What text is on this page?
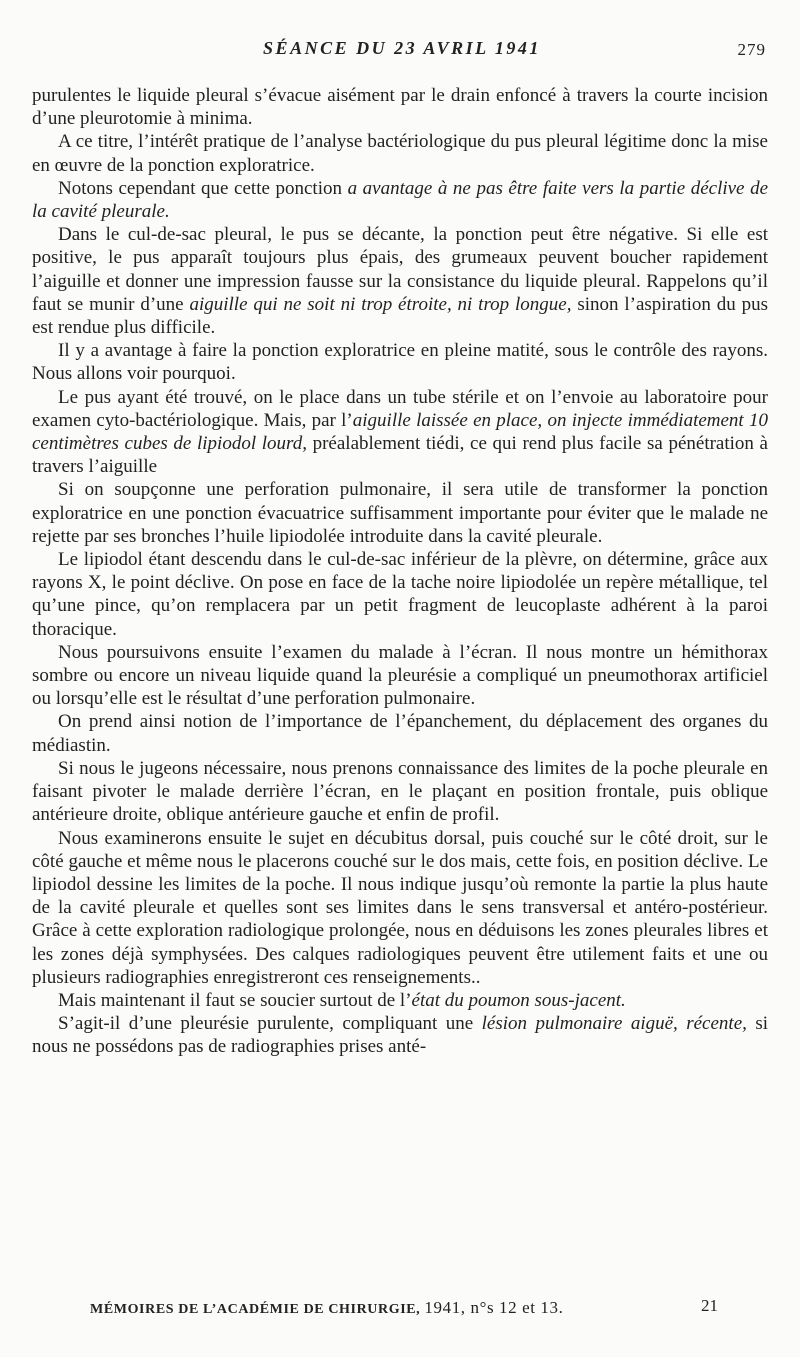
SÉANCE DU 23 AVRIL 1941	279

purulentes le liquide pleural s’évacue aisément par le drain enfoncé à travers la courte incision d’une pleurotomie à minima.

A ce titre, l’intérêt pratique de l’analyse bactériologique du pus pleural légitime donc la mise en œuvre de la ponction exploratrice.

Notons cependant que cette ponction a avantage à ne pas être faite vers la partie déclive de la cavité pleurale.

Dans le cul-de-sac pleural, le pus se décante, la ponction peut être négative. Si elle est positive, le pus apparaît toujours plus épais, des grumeaux peuvent boucher rapidement l’aiguille et donner une impression fausse sur la consistance du liquide pleural. Rappelons qu’il faut se munir d’une aiguille qui ne soit ni trop étroite, ni trop longue, sinon l’aspiration du pus est rendue plus difficile.

Il y a avantage à faire la ponction exploratrice en pleine matité, sous le contrôle des rayons. Nous allons voir pourquoi.

Le pus ayant été trouvé, on le place dans un tube stérile et on l’envoie au laboratoire pour examen cyto-bactériologique. Mais, par l’aiguille laissée en place, on injecte immédiatement 10 centimètres cubes de lipiodol lourd, préalablement tiédi, ce qui rend plus facile sa pénétration à travers l’aiguille

Si on soupçonne une perforation pulmonaire, il sera utile de transformer la ponction exploratrice en une ponction évacuatrice suffisamment importante pour éviter que le malade ne rejette par ses bronches l’huile lipiodolée introduite dans la cavité pleurale.

Le lipiodol étant descendu dans le cul-de-sac inférieur de la plèvre, on détermine, grâce aux rayons X, le point déclive. On pose en face de la tache noire lipiodolée un repère métallique, tel qu’une pince, qu’on remplacera par un petit fragment de leucoplaste adhérent à la paroi thoracique.

Nous poursuivons ensuite l’examen du malade à l’écran. Il nous montre un hémithorax sombre ou encore un niveau liquide quand la pleurésie a compliqué un pneumothorax artificiel ou lorsqu’elle est le résultat d’une perforation pulmonaire.

On prend ainsi notion de l’importance de l’épanchement, du déplacement des organes du médiastin.

Si nous le jugeons nécessaire, nous prenons connaissance des limites de la poche pleurale en faisant pivoter le malade derrière l’écran, en le plaçant en position frontale, puis oblique antérieure droite, oblique antérieure gauche et enfin de profil.

Nous examinerons ensuite le sujet en décubitus dorsal, puis couché sur le côté droit, sur le côté gauche et même nous le placerons couché sur le dos mais, cette fois, en position déclive. Le lipiodol dessine les limites de la poche. Il nous indique jusqu’où remonte la partie la plus haute de la cavité pleurale et quelles sont ses limites dans le sens transversal et antéro-postérieur. Grâce à cette exploration radiologique prolongée, nous en déduisons les zones pleurales libres et les zones déjà symphysées. Des calques radiologiques peuvent être utilement faits et une ou plusieurs radiographies enregistreront ces renseignements..

Mais maintenant il faut se soucier surtout de l’état du poumon sous-jacent.

S’agit-il d’une pleurésie purulente, compliquant une lésion pulmonaire aiguë, récente, si nous ne possédons pas de radiographies prises anté-

MÉMOIRES DE L’ACADÉMIE DE CHIRURGIE, 1941, n°s 12 et 13.	21
